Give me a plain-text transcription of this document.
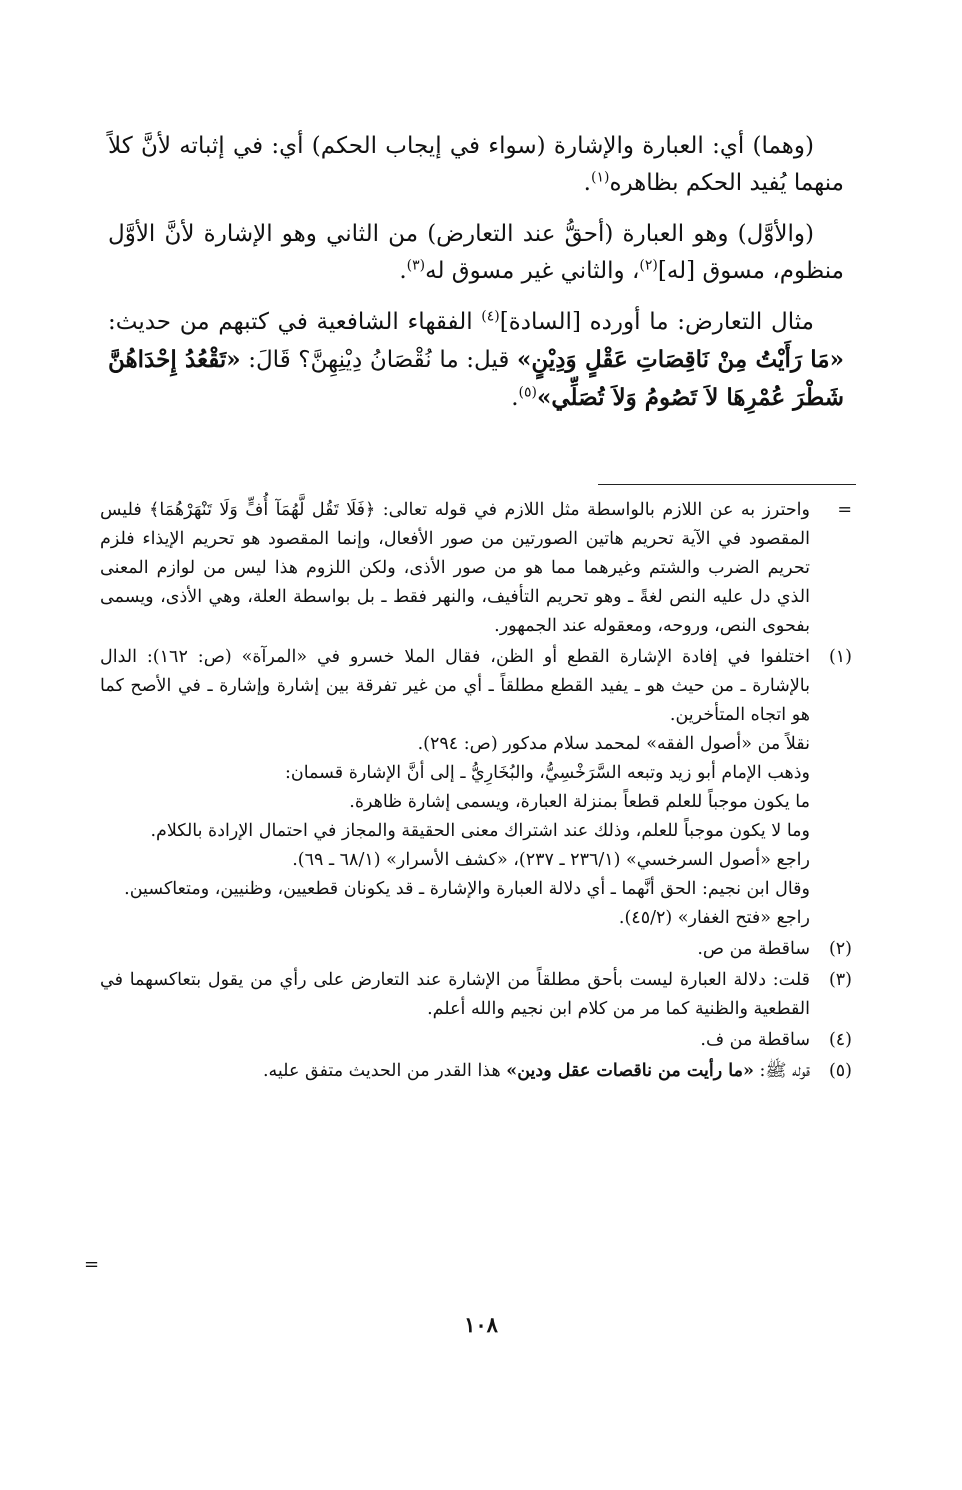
(وهما) أي: العبارة والإشارة (سواء في إيجاب الحكم) أي: في إثباته لأنَّ كلاً منهما يُفيد الحكم بظاهره$^{(١)}$.

(والأوَّل) وهو العبارة (أحقُّ عند التعارض) من الثاني وهو الإشارة لأنَّ الأوَّل منظوم، مسوق [له]$^{(٢)}$، والثاني غير مسوق له$^{(٣)}$.

مثال التعارض: ما أورده [السادة]$^{(٤)}$ الفقهاء الشافعية في كتبهم من حديث: «مَا رَأَيْتُ مِنْ نَاقِصَاتِ عَقْلٍ وَدِيْنٍ» قيل: ما نُقْصَانُ دِيْنِهِنَّ؟ قَالَ: «تَقْعُدُ إِحْدَاهُنَّ شَطْرَ عُمْرِهَا لاَ تَصُومُ وَلاَ تُصَلِّي»$^{(٥)}$.

=
واحترز به عن اللازم بالواسطة مثل اللازم في قوله تعالى: ﴿فَلَا تَقُل لَّهُمَآ أُفٍّ وَلَا تَنْهَرْهُمَا﴾ فليس المقصود في الآية تحريم هاتين الصورتين من صور الأفعال، وإنما المقصود هو تحريم الإيذاء فلزم تحريم الضرب والشتم وغيرهما مما هو من صور الأذى، ولكن اللزوم هذا ليس من لوازم المعنى الذي دل عليه النص لغةً ـ وهو تحريم التأفيف، والنهر فقط ـ بل بواسطة العلة، وهي الأذى، ويسمى بفحوى النص، وروحه، ومعقوله عند الجمهور.
(١)
اختلفوا في إفادة الإشارة القطع أو الظن، فقال الملا خسرو في «المرآة» (ص: ١٦٢): الدال بالإشارة ـ من حيث هو ـ يفيد القطع مطلقاً ـ أي من غير تفرقة بين إشارة وإشارة ـ في الأصح كما هو اتجاه المتأخرين.
نقلاً من «أصول الفقه» لمحمد سلام مدكور (ص: ٢٩٤).
وذهب الإمام أبو زيد وتبعه السَّرَخْسِيُّ، والبُخَارِيُّ ـ إلى أنَّ الإشارة قسمان:
ما يكون موجباً للعلم قطعاً بمنزلة العبارة، ويسمى إشارة ظاهرة.
وما لا يكون موجباً للعلم، وذلك عند اشتراك معنى الحقيقة والمجاز في احتمال الإرادة بالكلام.
راجع «أصول السرخسي» (٢٣٦/١ ـ ٢٣٧)، «كشف الأسرار» (٦٨/١ ـ ٦٩).
وقال ابن نجيم: الحق أنَّهما ـ أي دلالة العبارة والإشارة ـ قد يكونان قطعيين، وظنيين، ومتعاكسين.
راجع «فتح الغفار» (٤٥/٢).
(٢)
ساقطة من ص.
(٣)
قلت: دلالة العبارة ليست بأحق مطلقاً من الإشارة عند التعارض على رأي من يقول بتعاكسهما في القطعية والظنية كما مر من كلام ابن نجيم والله أعلم.
(٤)
ساقطة من ف.
(٥)
قوله ﷺ: «ما رأيت من ناقصات عقل ودين» هذا القدر من الحديث متفق عليه.
=
١٠٨
